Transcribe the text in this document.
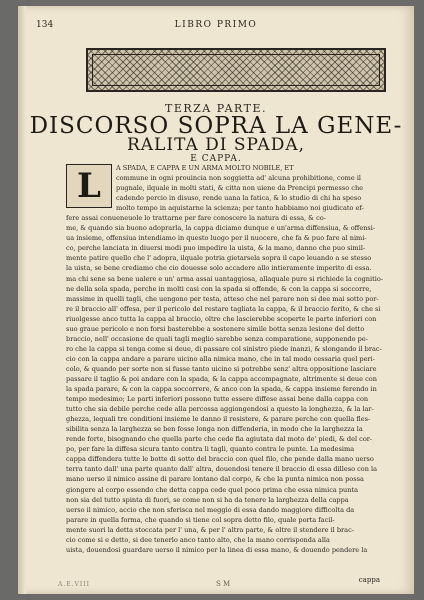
134	LIBRO PRIMO
TERZA PARTE.
DISCORSO SOPRA LA GENE-
RALITA DI SPADA,
E CAPPA.
L	A SPADA, E CAPPA E UN ARMA MOLTO NOBILE, ET
commune in ogni prouincia non soggietta ad' alcuna prohibitione, come il
pugnale, ilquale in molti stati, & citta non uiene da Prencipi permesso che
cadendo percio in disuso, rende uana la fatica, & lo studio di chi ha speso
molto tempo in aquistarne la scienza; per tanto habbiamo noi giudicato ef-
fere assai conueneuole lo trattarne per fare conoscere la natura di essa, & co-
me, & quando sia buono adoprarla, la cappa diciamo dunque e un'arma diffensiua, & offensi-
ua insieme, offensiua intendiamo in questo luogo per il nuocere, che fa & puo fare al nimi-
co, perche lanciata in diuersi modi puo impedire la uista, & la mano, danno che puo simil-
mente patire quello che l' adopra, ilquale potria gietarsela sopra il capo leuando a se stesso
la uista, se bene crediamo che cio douesse solo accadere allo intieramente imperito di essa.
ma chi sene sa bene ualere e un' arma assai uantaggiosa, allaquale pure si richiede la cognitio-
ne della sola spada, perche in molti casi con la spada si offende, & con la cappa si soccorre,
massime in quelli tagli, che uengono per testa, atteso che nel parare non si dee mai sotto por-
re il braccio all' offesa, per il pericolo del restare tagliata la cappa, & il braccio ferito, & che si
riuolgesse anco tutta la cappa al braccio, oltre che lascierebbe scoperte le parte inferiori con
suo graue pericolo e non forsi basterebbe a sostenere simile botta senza lesione del detto
braccio, nell' occasione de quali tagli meglio sarebbe senza comparatione, supponendo pe-
ro che la cappa si tenga come si deue, di passare col sinistro piede inanzi, & slongando il brac-
cio con la cappa andare a parare uicino alla nimica mano, che in tal modo cessaria quel peri-
colo, & quando per sorte non si fusse tanto uicino si potrebbe senz' altra oppositione lasciare
passare il taglio & poi andare con la spada, & la cappa accompagnate, altrimente si deue con
la spada parare, & con la cappa soccorrere, & anco con la spada, & cappa insieme ferendo in
tempo medesimo; Le parti inferiori possono tutte essere diffese assai bene dalla cappa con
tutto che sia debile perche cede alla percossa aggiongendosi a questo la longhezza, & la lar-
ghezza, lequali tre conditioni insieme le danno il resistere, & parare perche con quella fles-
sibilita senza la larghezza se ben fosse longa non diffenderia, in modo che la larghezza la
rende forte, bisognando che quella parte che cede fia agiutata dal moto de' piedi, & del cor-
po, per fare la diffesa sicura tanto contra li tagli, quanto contra le punte. La medesima
cappa diffendera tutte le botte di sotto del braccio con quel filo, che pende dalla mano uerso
terra tanto dall' una parte quanto dall' altra, douendosi tenere il braccio di essa dilleso con la
mano uerso il nimico assine di parare lontano dal corpo, & che la punta nimica non possa
giongere al corpo essendo che detta cappa cede quel poco prima che essa nimica punta
non sia del tutto spinta di fuori, se come non si ha da tenere la larghezza della cappa
uerso il nimico, accio che non sferisca nel meggio di essa dando maggiore difficolta da
parare in quella forma, che quando si tiene col sopra detto filo, quale porta facil-
mente suori la detta stoccata per l' una, & per l' altra parte, & oltre il stendere il brac-
cio come si e detto, si dee tenerlo anco tanto alto, che la mano corrisponda alla
uista, douendosi guardare uerso il nimico per la linea di essa mano, & douendo pendere la
A.E.VIII	S M	cappa
